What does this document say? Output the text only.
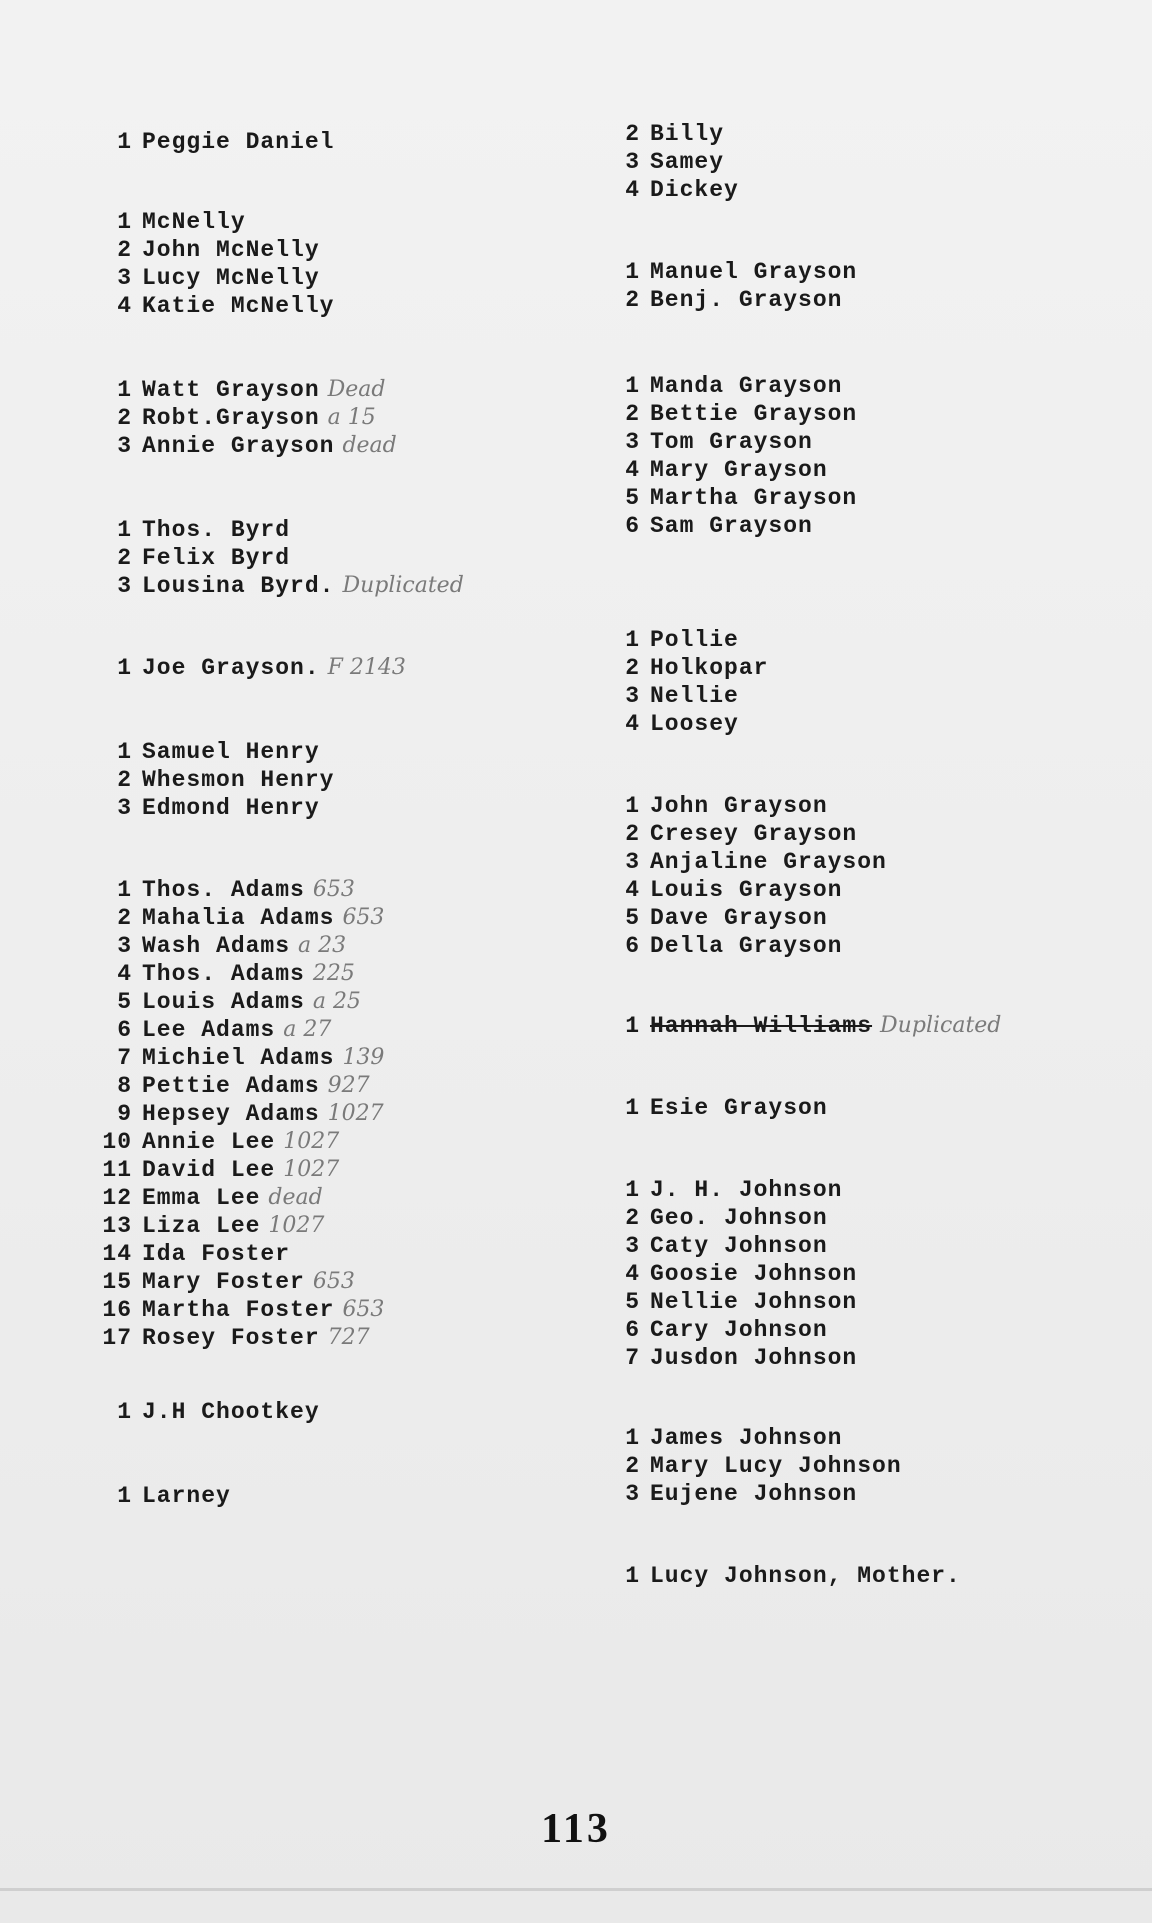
1 Peggie Daniel
1 McNelly
2 John McNelly
3 Lucy McNelly
4 Katie McNelly
1 Watt Grayson Dead
2 Robt.Grayson a 15
3 Annie Grayson dead
1 Thos. Byrd
2 Felix Byrd
3 Lousina Byrd. Duplicated
1 Joe Grayson. F 2143
1 Samuel Henry
2 Whesmon Henry
3 Edmond Henry
1 Thos. Adams 653
2 Mahalia Adams 653
3 Wash Adams a 23
4 Thos. Adams 225
5 Louis Adams a 25
6 Lee Adams a 27
7 Michiel Adams 139
8 Pettie Adams 927
9 Hepsey Adams 1027
10 Annie Lee 1027
11 David Lee 1027
12 Emma Lee dead
13 Liza Lee 1027
14 Ida Foster
15 Mary Foster 653
16 Martha Foster 653
17 Rosey Foster 727
1 J.H Chootkey
1 Larney
2 Billy
3 Samey
4 Dickey
1 Manuel Grayson
2 Benj. Grayson
1 Manda Grayson
2 Bettie Grayson
3 Tom Grayson
4 Mary Grayson
5 Martha Grayson
6 Sam Grayson
1 Pollie
2 Holkopar
3 Nellie
4 Loosey
1 John Grayson
2 Cresey Grayson
3 Anjaline Grayson
4 Louis Grayson
5 Dave Grayson
6 Della Grayson
1 Hannah Williams Duplicated
1 Esie Grayson
1 J. H. Johnson
2 Geo. Johnson
3 Caty Johnson
4 Goosie Johnson
5 Nellie Johnson
6 Cary Johnson
7 Jusdon Johnson
1 James Johnson
2 Mary Lucy Johnson
3 Eujene Johnson
1 Lucy Johnson, Mother.
113
